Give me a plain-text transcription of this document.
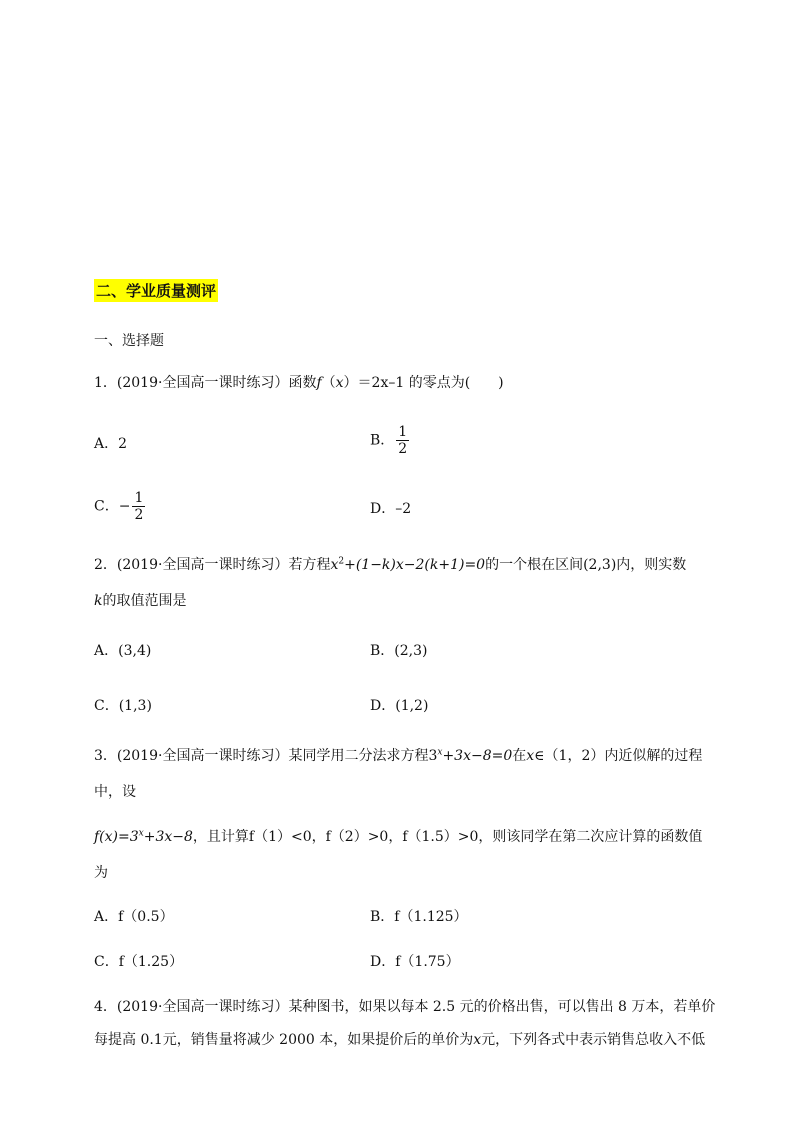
二、学业质量测评
一、选择题
1．(2019·全国高一课时练习）函数f（x）＝2x–1 的零点为(　　)
A．2	B． $\frac{1}{2}$
C．− $\frac{1}{2}$	D．–2
2．(2019·全国高一课时练习）若方程$x^2+(1-k)x-2(k+1)=0$的一个根在区间(2,3)内，则实数
k的取值范围是
A．(3,4)	B．(2,3)
C．(1,3)	D．(1,2)
3．(2019·全国高一课时练习）某同学用二分法求方程$3^x+3x-8=0$在x∈（1，2）内近似解的过程
中，设
$f(x)=3^x+3x-8$，且计算f（1）<0，f（2）>0，f（1.5）>0，则该同学在第二次应计算的函数值
为
A．f（0.5）	B．f（1.125）
C．f（1.25）	D．f（1.75）
4．(2019·全国高一课时练习）某种图书，如果以每本 2.5 元的价格出售，可以售出 8 万本，若单价
每提高 0.1元，销售量将减少 2000 本，如果提价后的单价为x元，下列各式中表示销售总收入不低
